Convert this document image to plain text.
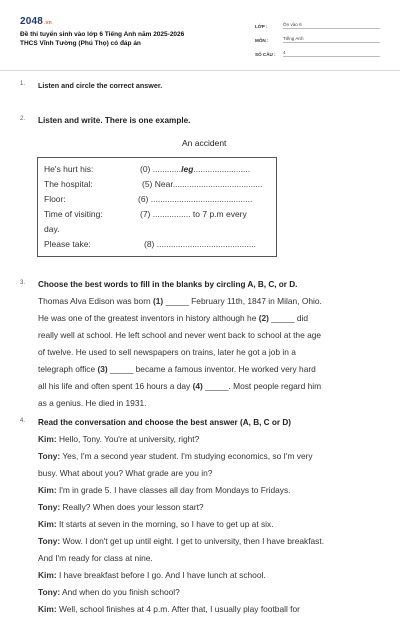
2048.vn
Đề thi tuyển sinh vào lớp 6 Tiếng Anh năm 2025-2026
THCS Vĩnh Tường (Phú Thọ) có đáp án
LỚP :	Ôn vào 6
MÔN :	Tiếng Anh
SỐ CÂU :	4
1. Listen and circle the correct answer.
2. Listen and write. There is one example.
An accident
He's hurt his:	(0) ............leg........................
The hospital:	(5) Near......................................
Floor:	(6) ...........................................
Time of visiting:	(7) ................ to 7 p.m every
day.
Please take:	(8) ..........................................
3. Choose the best words to fill in the blanks by circling A, B, C, or D.
Thomas Alva Edison was born (1) _____ February 11th, 1847 in Milan, Ohio.
He was one of the greatest inventors in history although he (2) _____ did
really well at school. He left school and never went back to school at the age
of twelve. He used to sell newspapers on trains, later he got a job in a
telegraph office (3) _____ became a famous inventor. He worked very hard
all his life and often spent 16 hours a day (4) _____. Most people regard him
as a genius. He died in 1931.
4. Read the conversation and choose the best answer (A, B, C or D)
Kim: Hello, Tony. You're at university, right?
Tony: Yes, I'm a second year student. I'm studying economics, so I'm very
busy. What about you? What grade are you in?
Kim: I'm in grade 5. I have classes all day from Mondays to Fridays.
Tony: Really? When does your lesson start?
Kim: It starts at seven in the morning, so I have to get up at six.
Tony: Wow. I don't get up until eight. I get to university, then I have breakfast.
And I'm ready for class at nine.
Kim: I have breakfast before I go. And I have lunch at school.
Tony: And when do you finish school?
Kim: Well, school finishes at 4 p.m. After that, I usually play football for
